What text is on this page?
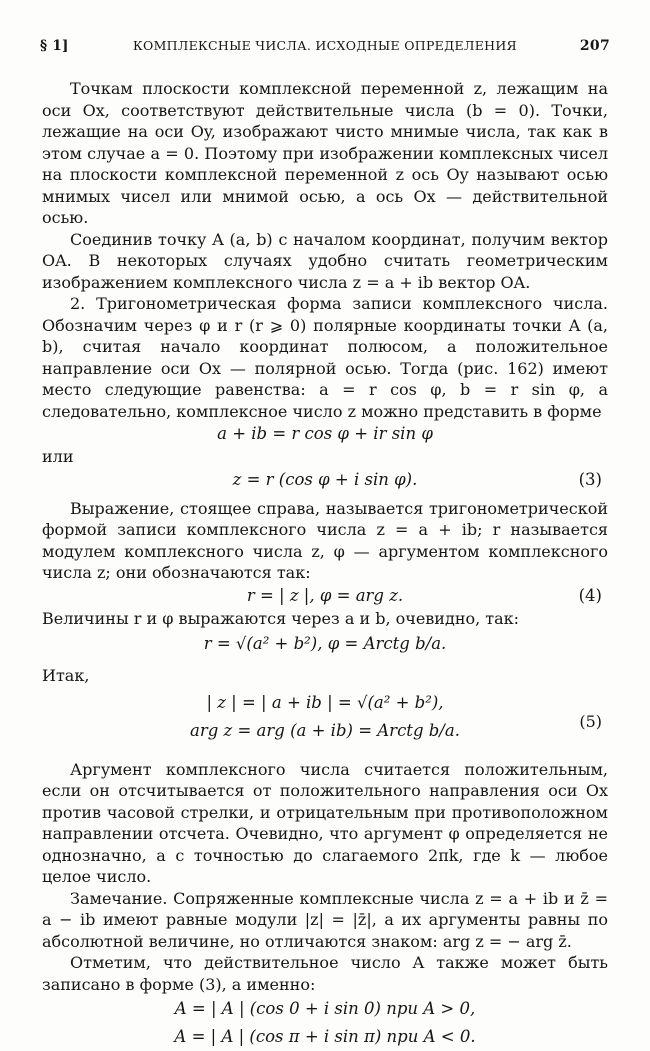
§ 1]	КОМПЛЕКСНЫЕ ЧИСЛА. ИСХОДНЫЕ ОПРЕДЕЛЕНИЯ	207

Точкам плоскости комплексной переменной z, лежащим на оси Ox, соответствуют действительные числа (b = 0). Точки, лежащие на оси Oy, изображают чисто мнимые числа, так как в этом случае a = 0. Поэтому при изображении комплексных чисел на плоскости комплексной переменной z ось Oy называют осью мнимых чисел или мнимой осью, а ось Ox — действительной осью.

Соединив точку A (a, b) с началом координат, получим вектор OA. В некоторых случаях удобно считать геометрическим изображением комплексного числа z = a + ib вектор OA.

2. Тригонометрическая форма записи комплексного числа. Обозначим через φ и r (r ⩾ 0) полярные координаты точки A (a, b), считая начало координат полюсом, а положительное направление оси Ox — полярной осью. Тогда (рис. 162) имеют место следующие равенства: a = r cos φ, b = r sin φ, а следовательно, комплексное число z можно представить в форме

a + ib = r cos φ + ir sin φ

или

z = r (cos φ + i sin φ).	(3)

Выражение, стоящее справа, называется тригонометрической формой записи комплексного числа z = a + ib; r называется модулем комплексного числа z, φ — аргументом комплексного числа z; они обозначаются так:

r = | z |, φ = arg z.	(4)

Величины r и φ выражаются через a и b, очевидно, так:

r = √(a² + b²), φ = Arctg b/a.

Итак,

| z | = | a + ib | = √(a² + b²),
arg z = arg (a + ib) = Arctg b/a.	(5)

Аргумент комплексного числа считается положительным, если он отсчитывается от положительного направления оси Ox против часовой стрелки, и отрицательным при противоположном направлении отсчета. Очевидно, что аргумент φ определяется не однозначно, а с точностью до слагаемого 2πk, где k — любое целое число.

Замечание. Сопряженные комплексные числа z = a + ib и z̄ = a − ib имеют равные модули |z| = |z̄|, а их аргументы равны по абсолютной величине, но отличаются знаком: arg z = − arg z̄.

Отметим, что действительное число A также может быть записано в форме (3), а именно:

A = | A | (cos 0 + i sin 0) при A > 0,
A = | A | (cos π + i sin π) при A < 0.
